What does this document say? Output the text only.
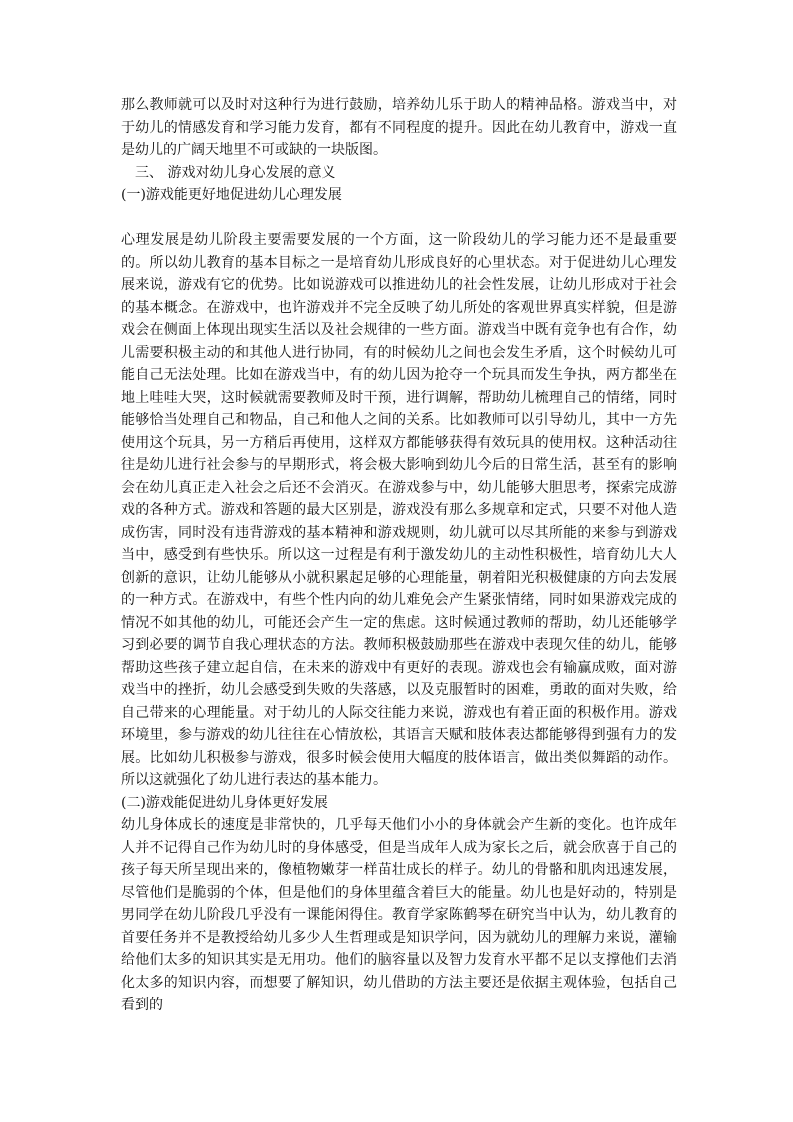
那么教师就可以及时对这种行为进行鼓励，培养幼儿乐于助人的精神品格。游戏当中，对于幼儿的情感发育和学习能力发育，都有不同程度的提升。因此在幼儿教育中，游戏一直是幼儿的广阔天地里不可或缺的一块版图。

三、 游戏对幼儿身心发展的意义

(一)游戏能更好地促进幼儿心理发展

心理发展是幼儿阶段主要需要发展的一个方面，这一阶段幼儿的学习能力还不是最重要的。所以幼儿教育的基本目标之一是培育幼儿形成良好的心里状态。对于促进幼儿心理发展来说，游戏有它的优势。比如说游戏可以推进幼儿的社会性发展，让幼儿形成对于社会的基本概念。在游戏中，也许游戏并不完全反映了幼儿所处的客观世界真实样貌，但是游戏会在侧面上体现出现实生活以及社会规律的一些方面。游戏当中既有竞争也有合作，幼儿需要积极主动的和其他人进行协同，有的时候幼儿之间也会发生矛盾，这个时候幼儿可能自己无法处理。比如在游戏当中，有的幼儿因为抢夺一个玩具而发生争执，两方都坐在地上哇哇大哭，这时候就需要教师及时干预，进行调解，帮助幼儿梳理自己的情绪，同时能够恰当处理自己和物品，自己和他人之间的关系。比如教师可以引导幼儿，其中一方先使用这个玩具，另一方稍后再使用，这样双方都能够获得有效玩具的使用权。这种活动往往是幼儿进行社会参与的早期形式，将会极大影响到幼儿今后的日常生活，甚至有的影响会在幼儿真正走入社会之后还不会消灭。在游戏参与中，幼儿能够大胆思考，探索完成游戏的各种方式。游戏和答题的最大区别是，游戏没有那么多规章和定式，只要不对他人造成伤害，同时没有违背游戏的基本精神和游戏规则，幼儿就可以尽其所能的来参与到游戏当中，感受到有些快乐。所以这一过程是有利于激发幼儿的主动性积极性，培育幼儿大人创新的意识，让幼儿能够从小就积累起足够的心理能量，朝着阳光积极健康的方向去发展的一种方式。在游戏中，有些个性内向的幼儿难免会产生紧张情绪，同时如果游戏完成的情况不如其他的幼儿，可能还会产生一定的焦虑。这时候通过教师的帮助，幼儿还能够学习到必要的调节自我心理状态的方法。教师积极鼓励那些在游戏中表现欠佳的幼儿，能够帮助这些孩子建立起自信，在未来的游戏中有更好的表现。游戏也会有输赢成败，面对游戏当中的挫折，幼儿会感受到失败的失落感，以及克服暂时的困难，勇敢的面对失败，给自己带来的心理能量。对于幼儿的人际交往能力来说，游戏也有着正面的积极作用。游戏环境里，参与游戏的幼儿往往在心情放松，其语言天赋和肢体表达都能够得到强有力的发展。比如幼儿积极参与游戏，很多时候会使用大幅度的肢体语言，做出类似舞蹈的动作。所以这就强化了幼儿进行表达的基本能力。

(二)游戏能促进幼儿身体更好发展

幼儿身体成长的速度是非常快的，几乎每天他们小小的身体就会产生新的变化。也许成年人并不记得自己作为幼儿时的身体感受，但是当成年人成为家长之后，就会欣喜于自己的孩子每天所呈现出来的，像植物嫩芽一样苗壮成长的样子。幼儿的骨骼和肌肉迅速发展，尽管他们是脆弱的个体，但是他们的身体里蕴含着巨大的能量。幼儿也是好动的，特别是男同学在幼儿阶段几乎没有一课能闲得住。教育学家陈鹤琴在研究当中认为，幼儿教育的首要任务并不是教授给幼儿多少人生哲理或是知识学问，因为就幼儿的理解力来说，灌输给他们太多的知识其实是无用功。他们的脑容量以及智力发育水平都不足以支撑他们去消化太多的知识内容，而想要了解知识，幼儿借助的方法主要还是依据主观体验，包括自己看到的
